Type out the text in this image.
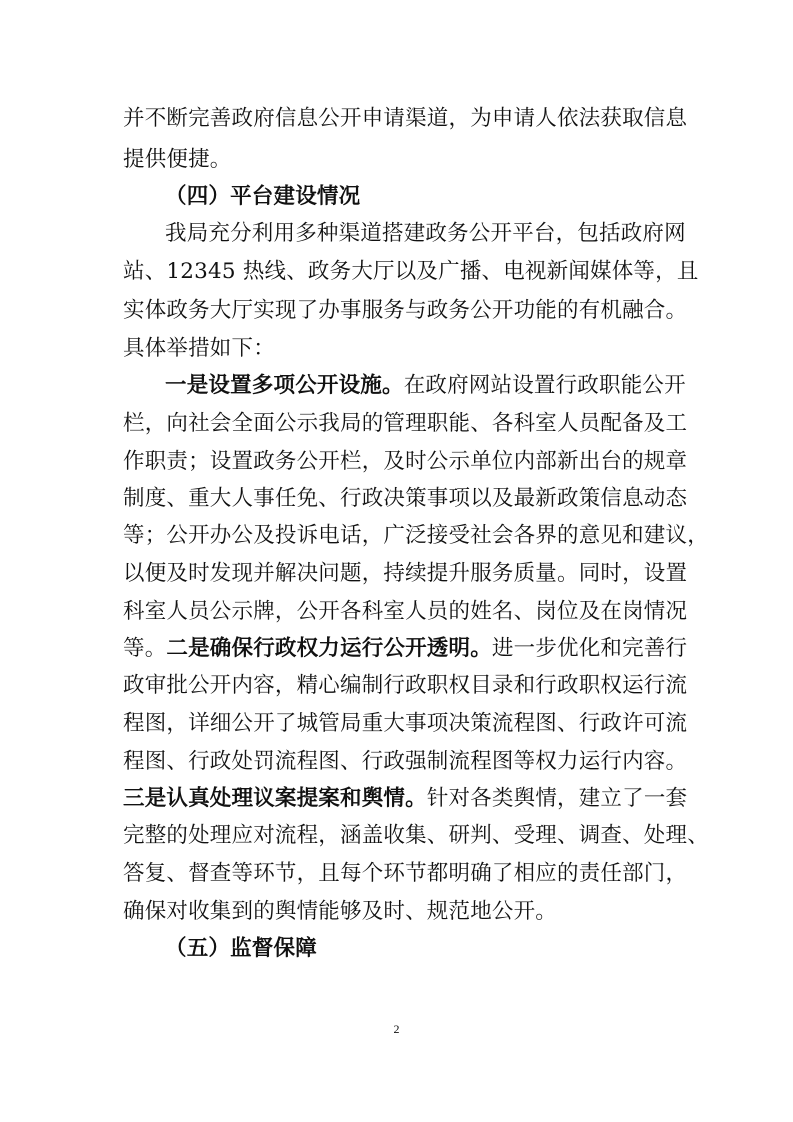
并不断完善政府信息公开申请渠道，为申请人依法获取信息
提供便捷。
（四）平台建设情况
我局充分利用多种渠道搭建政务公开平台，包括政府网
站、12345 热线、政务大厅以及广播、电视新闻媒体等，且
实体政务大厅实现了办事服务与政务公开功能的有机融合。
具体举措如下：
一是设置多项公开设施。在政府网站设置行政职能公开
栏，向社会全面公示我局的管理职能、各科室人员配备及工
作职责；设置政务公开栏，及时公示单位内部新出台的规章
制度、重大人事任免、行政决策事项以及最新政策信息动态
等；公开办公及投诉电话，广泛接受社会各界的意见和建议，
以便及时发现并解决问题，持续提升服务质量。同时，设置
科室人员公示牌，公开各科室人员的姓名、岗位及在岗情况
等。二是确保行政权力运行公开透明。进一步优化和完善行
政审批公开内容，精心编制行政职权目录和行政职权运行流
程图，详细公开了城管局重大事项决策流程图、行政许可流
程图、行政处罚流程图、行政强制流程图等权力运行内容。
三是认真处理议案提案和舆情。针对各类舆情，建立了一套
完整的处理应对流程，涵盖收集、研判、受理、调查、处理、
答复、督查等环节，且每个环节都明确了相应的责任部门，
确保对收集到的舆情能够及时、规范地公开。
（五）监督保障
2
